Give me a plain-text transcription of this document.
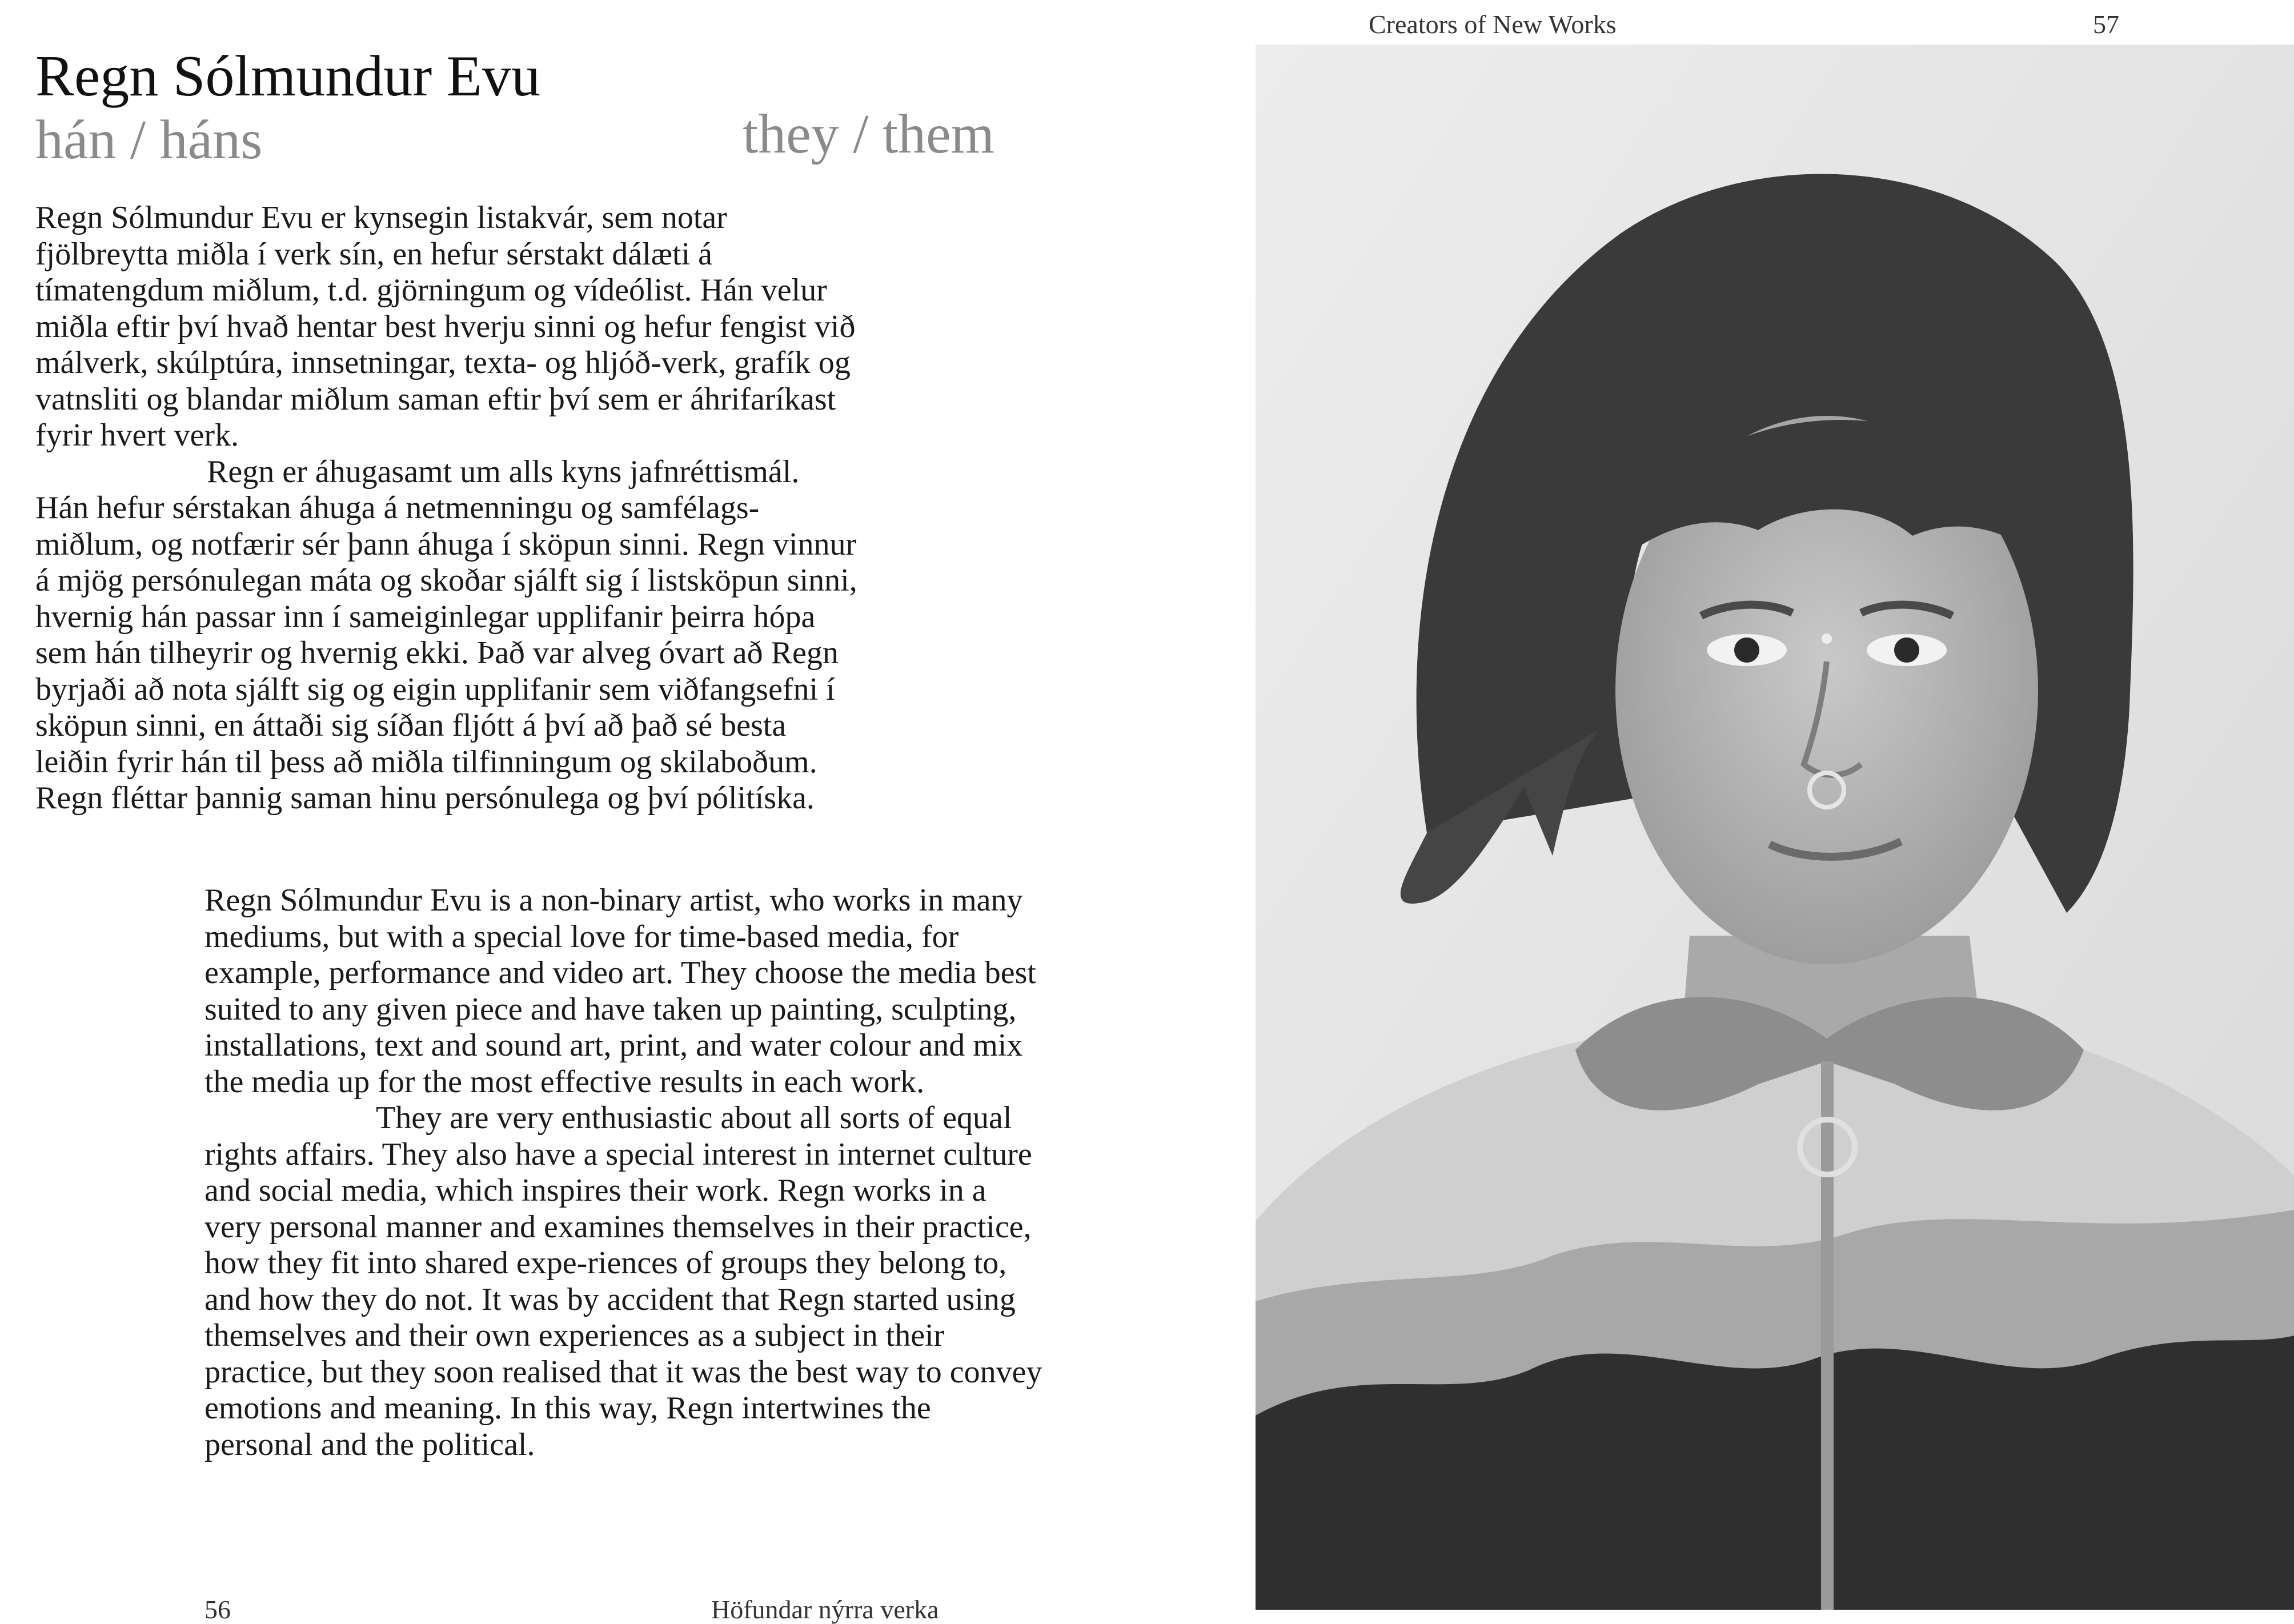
Regn Sólmundur Evu
hán / háns	they / them

Regn Sólmundur Evu er kynsegin listakvár, sem notar fjölbreytta miðla í verk sín, en hefur sérstakt dálæti á tímatengdum miðlum, t.d. gjörningum og vídeólist. Hán velur miðla eftir því hvað hentar best hverju sinni og hefur fengist við málverk, skúlptúra, innsetningar, texta- og hljóð-verk, grafík og vatnsliti og blandar miðlum saman eftir því sem er áhrifaríkast fyrir hvert verk.

Regn er áhugasamt um alls kyns jafnréttismál. Hán hefur sérstakan áhuga á netmenningu og samfélags-miðlum, og notfærir sér þann áhuga í sköpun sinni. Regn vinnur á mjög persónulegan máta og skoðar sjálft sig í listsköpun sinni, hvernig hán passar inn í sameiginlegar upplifanir þeirra hópa sem hán tilheyrir og hvernig ekki. Það var alveg óvart að Regn byrjaði að nota sjálft sig og eigin upplifanir sem viðfangsefni í sköpun sinni, en áttaði sig síðan fljótt á því að það sé besta leiðin fyrir hán til þess að miðla tilfinningum og skilaboðum. Regn fléttar þannig saman hinu persónulega og því pólitíska.

Regn Sólmundur Evu is a non-binary artist, who works in many mediums, but with a special love for time-based media, for example, performance and video art. They choose the media best suited to any given piece and have taken up painting, sculpting, installations, text and sound art, print, and water colour and mix the media up for the most effective results in each work.

They are very enthusiastic about all sorts of equal rights affairs. They also have a special interest in internet culture and social media, which inspires their work. Regn works in a very personal manner and examines themselves in their practice, how they fit into shared expe-riences of groups they belong to, and how they do not. It was by accident that Regn started using themselves and their own experiences as a subject in their practice, but they soon realised that it was the best way to convey emotions and meaning. In this way, Regn intertwines the personal and the political.

56	Höfundar nýrra verka
Creators of New Works	57
